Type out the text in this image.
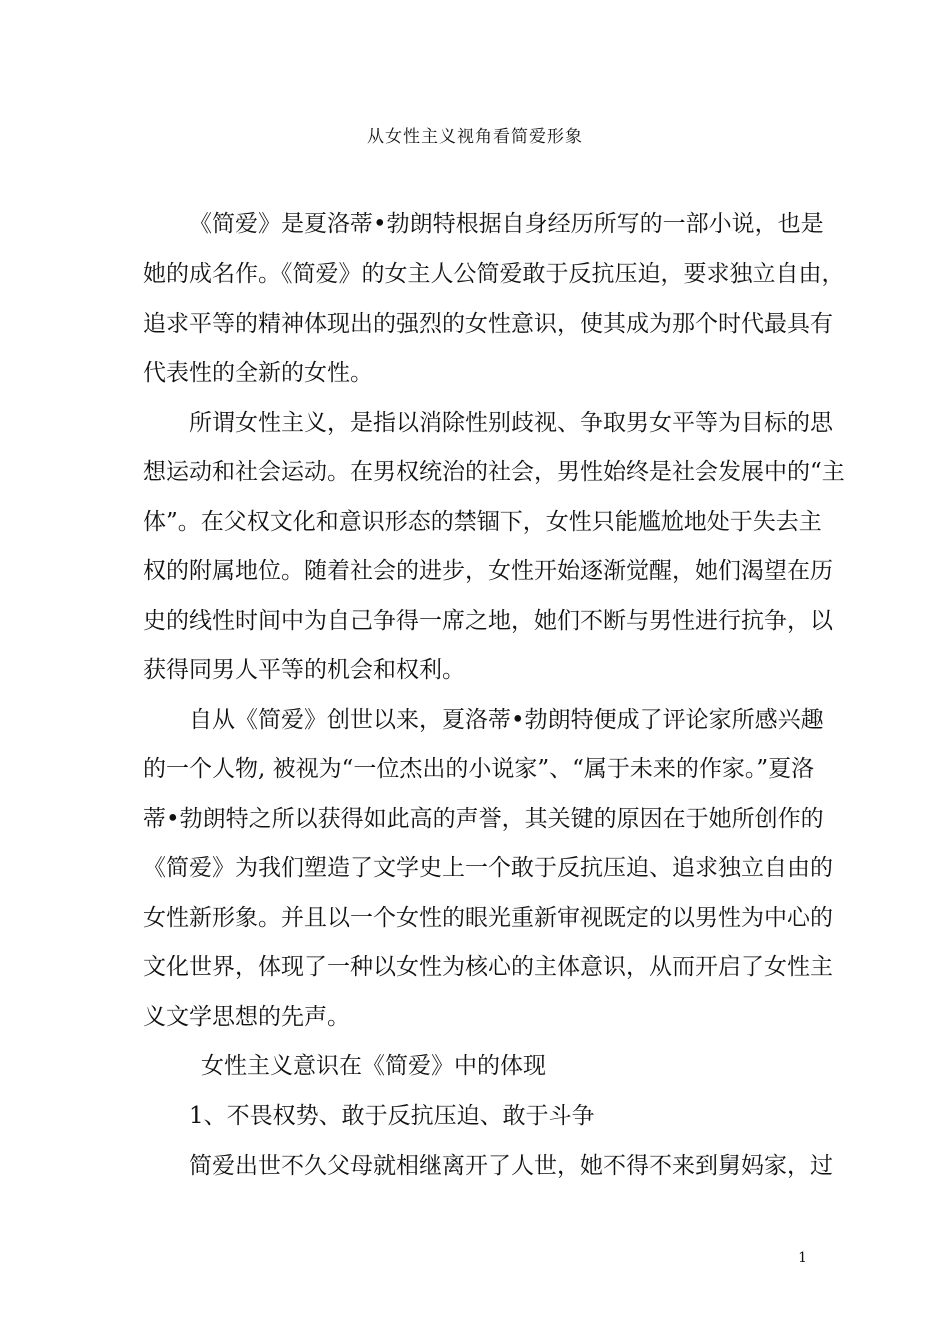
从女性主义视角看简爱形象
《简爱》是夏洛蒂•勃朗特根据自身经历所写的一部小说，也是
她的成名作。《简爱》的女主人公简爱敢于反抗压迫，要求独立自由，
追求平等的精神体现出的强烈的女性意识，使其成为那个时代最具有
代表性的全新的女性。
所谓女性主义，是指以消除性别歧视、争取男女平等为目标的思
想运动和社会运动。在男权统治的社会，男性始终是社会发展中的“主
体”。在父权文化和意识形态的禁锢下，女性只能尴尬地处于失去主
权的附属地位。随着社会的进步，女性开始逐渐觉醒，她们渴望在历
史的线性时间中为自己争得一席之地，她们不断与男性进行抗争，以
获得同男人平等的机会和权利。
自从《简爱》创世以来，夏洛蒂•勃朗特便成了评论家所感兴趣
的一个人物, 被视为“一位杰出的小说家”、“属于未来的作家。”夏洛
蒂•勃朗特之所以获得如此高的声誉，其关键的原因在于她所创作的
《简爱》为我们塑造了文学史上一个敢于反抗压迫、追求独立自由的
女性新形象。并且以一个女性的眼光重新审视既定的以男性为中心的
文化世界，体现了一种以女性为核心的主体意识，从而开启了女性主
义文学思想的先声。
女性主义意识在《简爱》中的体现
1、不畏权势、敢于反抗压迫、敢于斗争
简爱出世不久父母就相继离开了人世，她不得不来到舅妈家，过
1
